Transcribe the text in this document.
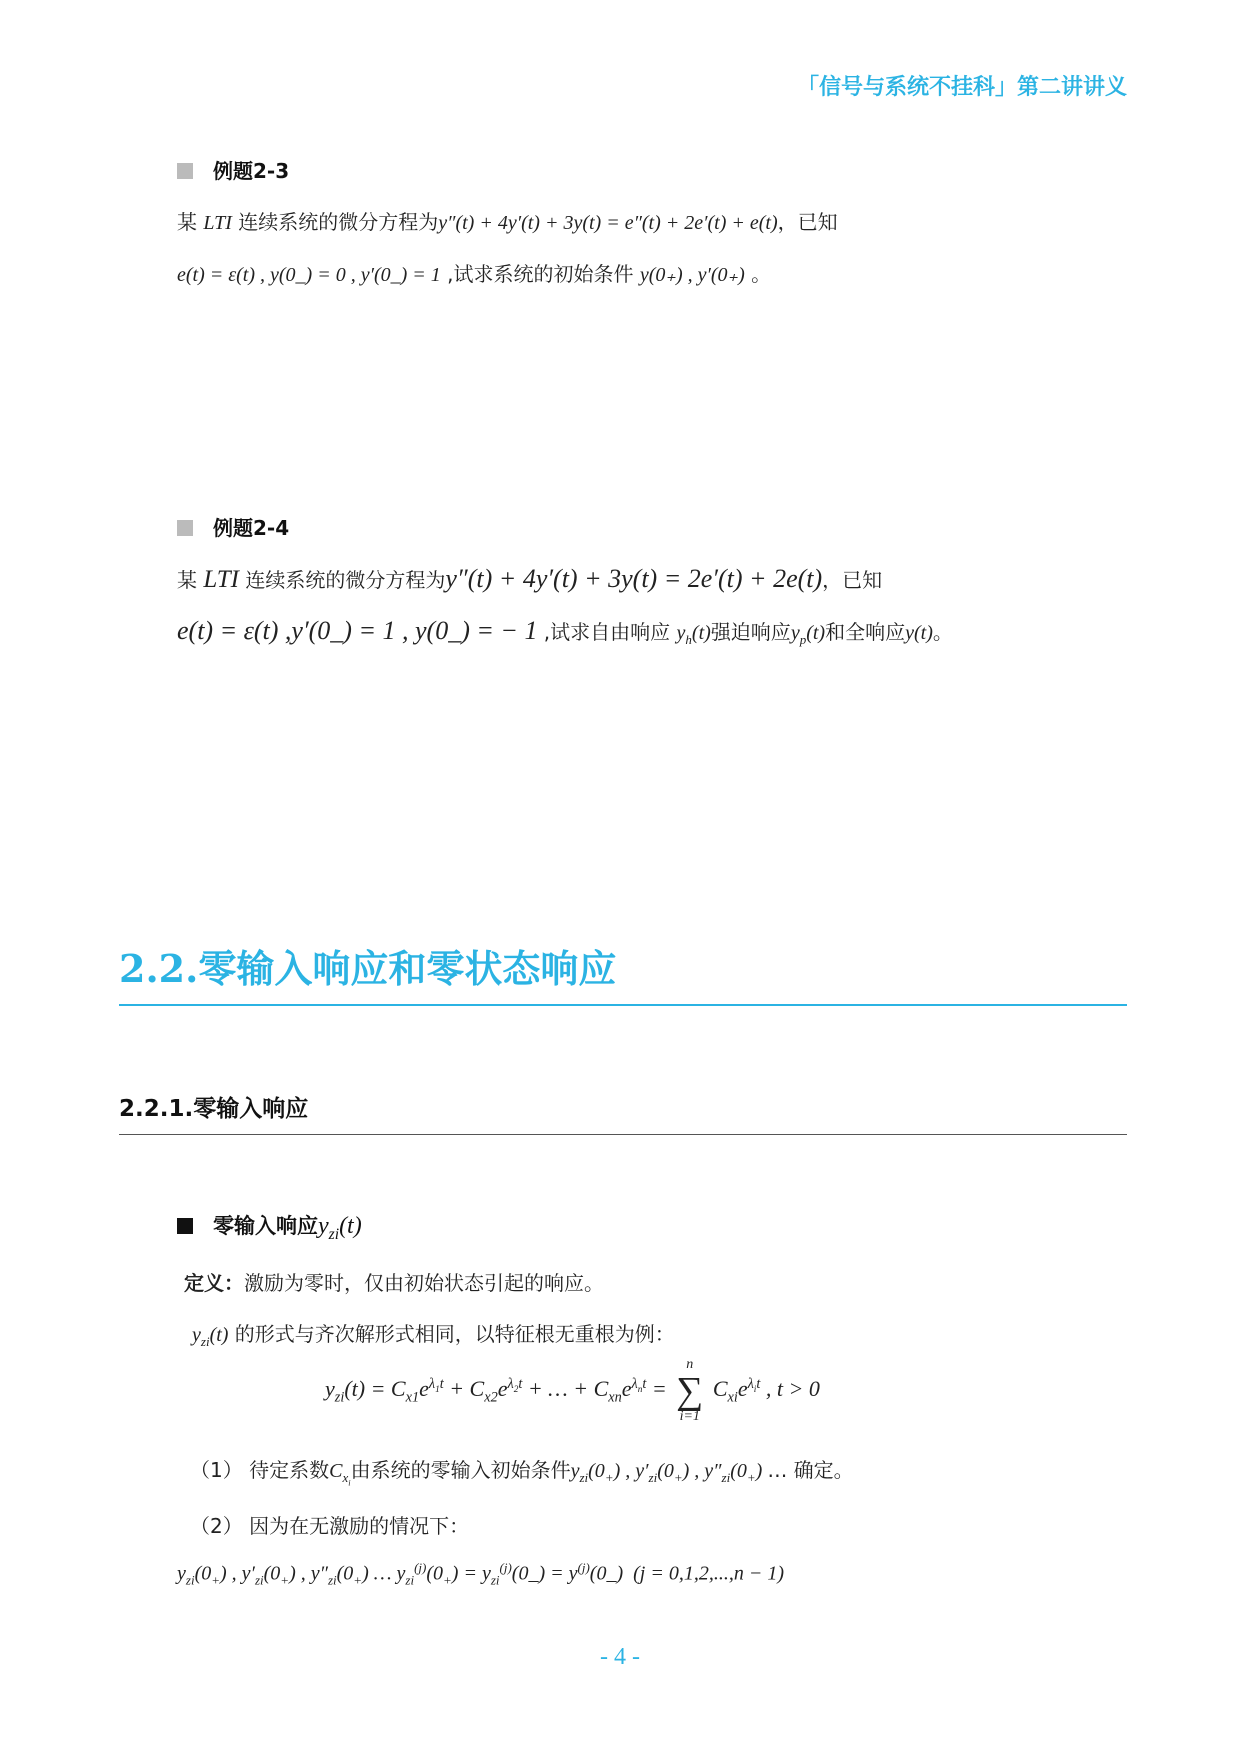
「信号与系统不挂科」第二讲讲义
例题2-3
某 LTI 连续系统的微分方程为y″(t) + 4y′(t) + 3y(t) = e″(t) + 2e′(t) + e(t)，已知
e(t) = ε(t) , y(0_) = 0 , y′(0_) = 1 ,试求系统的初始条件 y(0₊) , y′(0₊) 。
例题2-4
某 LTI 连续系统的微分方程为y″(t) + 4y′(t) + 3y(t) = 2e′(t) + 2e(t)，已知
e(t) = ε(t) ,y′(0_) = 1 , y(0_) = − 1 ,试求自由响应 $y_h(t)$强迫响应$y_p(t)$和全响应y(t)。
2.2.零输入响应和零状态响应
2.2.1.零输入响应
零输入响应$y_{zi}(t)$
定义：激励为零时，仅由初始状态引起的响应。
$y_{zi}(t)$ 的形式与齐次解形式相同，以特征根无重根为例：
$y_{zi}(t) = C_{x1}e^{\lambda_1t} + C_{x2}e^{\lambda_2t}$ + … + $C_{xn}e^{\lambda_nt}$ =
n
∑
i=1
$C_{xi}e^{\lambda_it}$ , t > 0
（1） 待定系数$C_{x_i}$由系统的零输入初始条件$y_{zi}(0_+)$ , $y'_{zi}(0_+)$ , $y''_{zi}(0_+)$ … 确定。
（2） 因为在无激励的情况下：
$y_{zi}(0_+)$ , $y'_{zi}(0_+)$ , $y''_{zi}(0_+)$ … $y_{zi}^{(j)}(0_+)$ = $y_{zi}^{(j)}(0\_)$ = $y^{(j)}(0\_) (j = 0,1,2,...,n - 1)$
- 4 -
